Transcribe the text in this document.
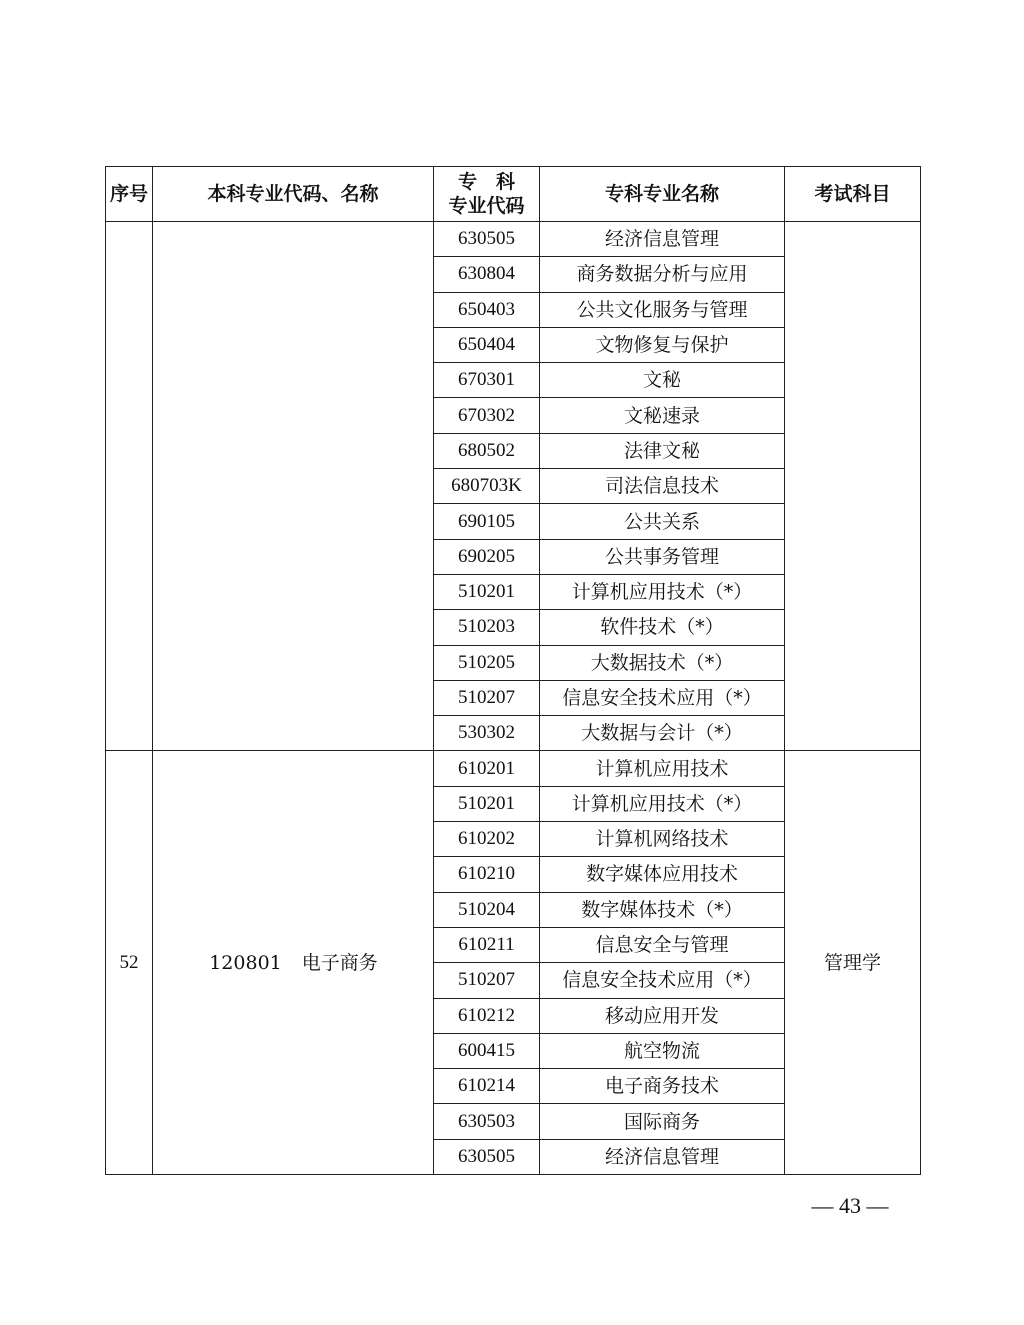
序号	本科专业代码、名称	专　科
专业代码	专科专业名称	考试科目
		630505	经济信息管理	
		630804	商务数据分析与应用	
		650403	公共文化服务与管理	
		650404	文物修复与保护	
		670301	文秘	
		670302	文秘速录	
		680502	法律文秘	
		680703K	司法信息技术	
		690105	公共关系	
		690205	公共事务管理	
		510201	计算机应用技术（*）	
		510203	软件技术（*）	
		510205	大数据技术（*）	
		510207	信息安全技术应用（*）	
		530302	大数据与会计（*）	
52	120801 电子商务	610201	计算机应用技术	管理学
		510201	计算机应用技术（*）	
		610202	计算机网络技术	
		610210	数字媒体应用技术	
		510204	数字媒体技术（*）	
		610211	信息安全与管理	
		510207	信息安全技术应用（*）	
		610212	移动应用开发	
		600415	航空物流	
		610214	电子商务技术	
		630503	国际商务	
		630505	经济信息管理	
— 43 —
